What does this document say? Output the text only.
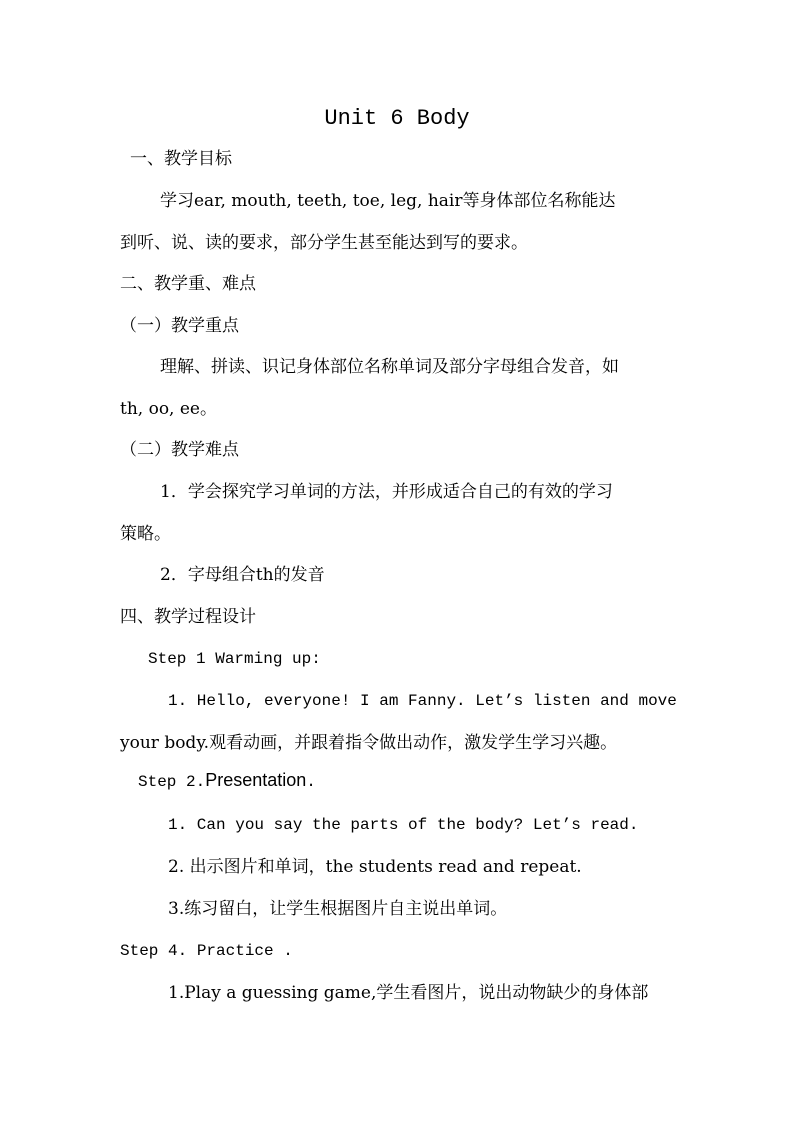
Unit 6 Body
一、教学目标
学习ear, mouth, teeth, toe, leg, hair等身体部位名称能达
到听、说、读的要求，部分学生甚至能达到写的要求。
二、教学重、难点
（一）教学重点
理解、拼读、识记身体部位名称单词及部分字母组合发音，如
th, oo, ee。
（二）教学难点
1．学会探究学习单词的方法，并形成适合自己的有效的学习
策略。
2．字母组合th的发音
四、教学过程设计
Step 1 Warming up:
1. Hello, everyone! I am Fanny. Let’s listen and move
your body.观看动画，并跟着指令做出动作，激发学生学习兴趣。
Step 2.Presentation.
1. Can you say the parts of the body? Let’s read.
2. 出示图片和单词，the students read and repeat.
3.练习留白，让学生根据图片自主说出单词。
Step 4. Practice .
1.Play a guessing game,学生看图片，说出动物缺少的身体部
